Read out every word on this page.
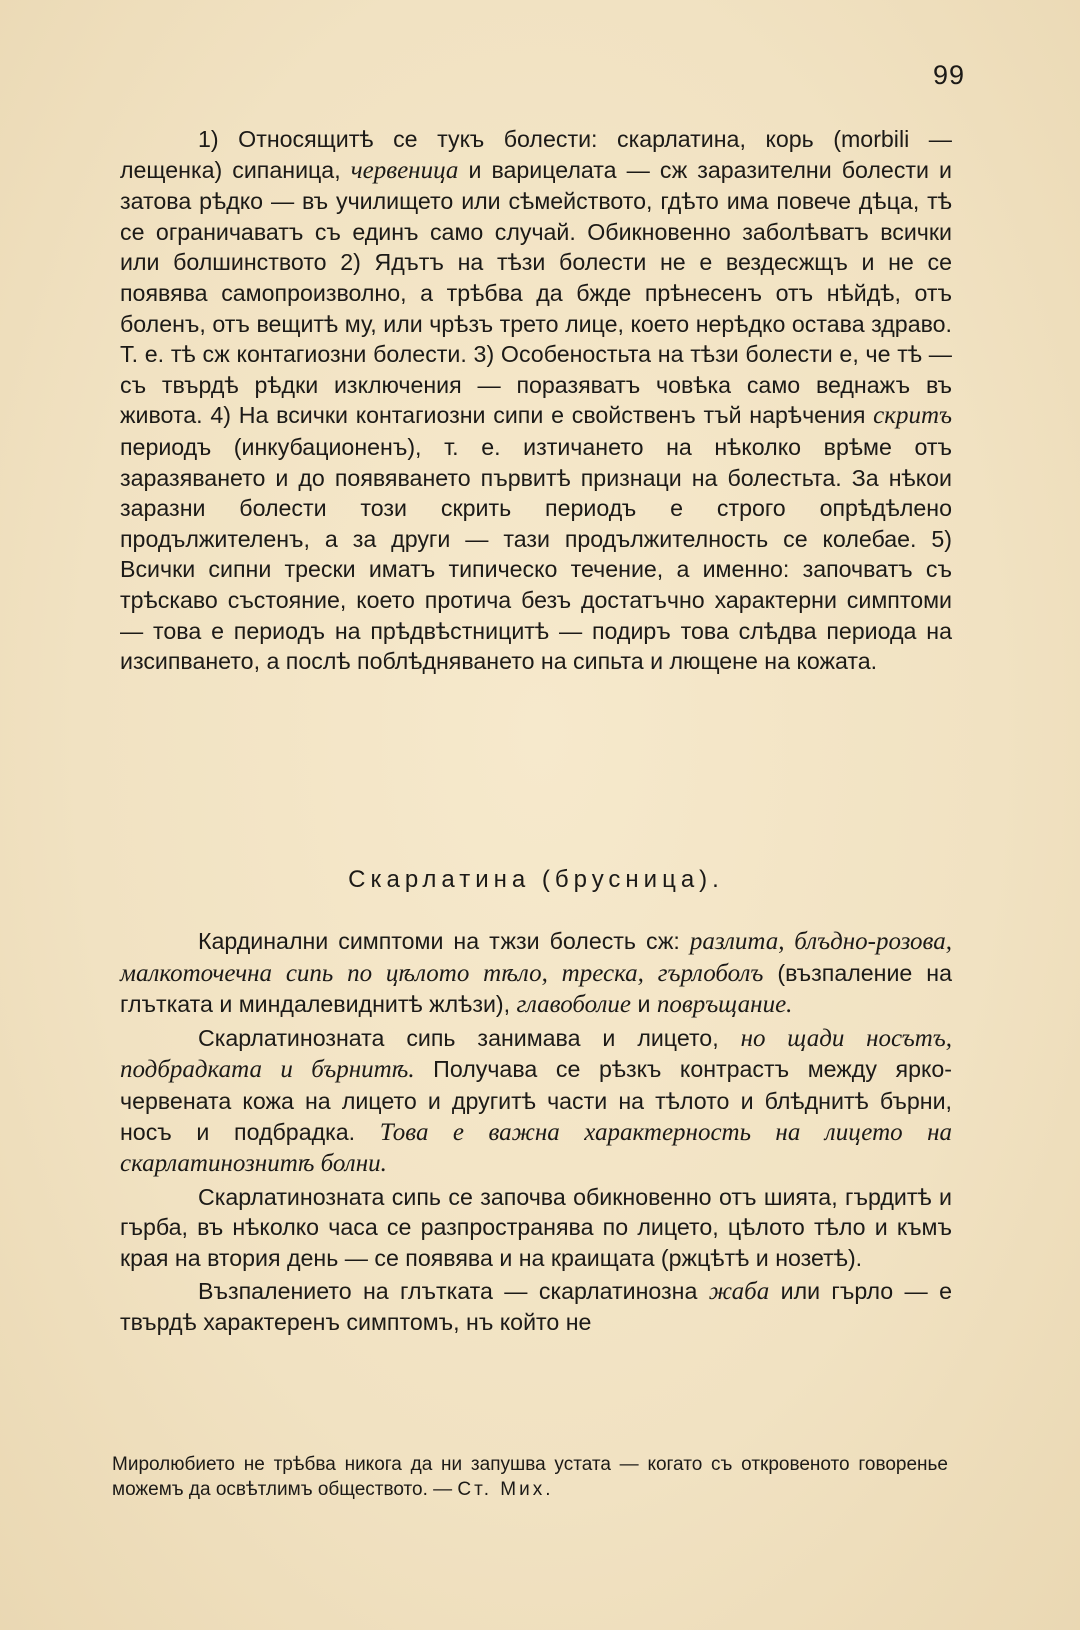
99

1) Относящитѣ се тукъ болести: скарлатина, корь (morbili — лещенка) сипаница, червеница и варицелата — сж заразителни болести и затова рѣдко — въ училището или сѣмейството, гдѣто има повече дѣца, тѣ се ограничаватъ съ единъ само случай. Обикновенно заболѣватъ всички или болшинството 2) Ядътъ на тѣзи болести не е вездесжщъ и не се появява самопроизволно, а трѣбва да бжде прѣнесенъ отъ нѣйдѣ, отъ боленъ, отъ вещитѣ му, или чрѣзъ трето лице, което нерѣдко остава здраво. Т. е. тѣ сж контагиозни болести. 3) Особеностьта на тѣзи болести е, че тѣ — съ твърдѣ рѣдки изключения — поразяватъ човѣка само веднажъ въ живота. 4) На всички контагиозни сипи е свойственъ тъй нарѣчения скритъ периодъ (инкубационенъ), т. е. изтичането на нѣколко врѣме отъ заразяването и до появяването първитѣ признаци на болестьта. За нѣкои заразни болести този скрить периодъ е строго опрѣдѣлено продължителенъ, а за други — тази продължителность се колебае. 5) Всички сипни трески иматъ типическо течение, а именно: започватъ съ трѣскаво състояние, което протича безъ достатъчно характерни симптоми — това е периодъ на прѣдвѣстницитѣ — подиръ това слѣдва периода на изсипването, а послѣ поблѣдняването на сипьта и лющене на кожата.

Скарлатина (брусница).

Кардинални симптоми на тжзи болесть сж: разлита, блъдно-розова, малкоточечна сипь по цѣлото тѣло, треска, гърлоболъ (възпаление на глътката и миндалевиднитѣ жлѣзи), главоболие и повръщание.

Скарлатинозната сипь занимава и лицето, но щади носътъ, подбрадката и бърнитѣ. Получава се рѣзкъ контрастъ между ярко-червената кожа на лицето и другитѣ части на тѣлото и блѣднитѣ бърни, носъ и подбрадка. Това е важна характерность на лицето на скарлатинознитѣ болни.

Скарлатинозната сипь се започва обикновенно отъ шията, гърдитѣ и гърба, въ нѣколко часа се разпространява по лицето, цѣлото тѣло и къмъ края на втория день — се появява и на краищата (ржцѣтѣ и нозетѣ).

Възпалението на глътката — скарлатинозна жаба или гърло — е твърдѣ характеренъ симптомъ, нъ който не

Миролюбието не трѣбва никога да ни запушва устата — когато съ откровеното говоренье можемъ да освѣтлимъ обществото. — Ст. Мих.
